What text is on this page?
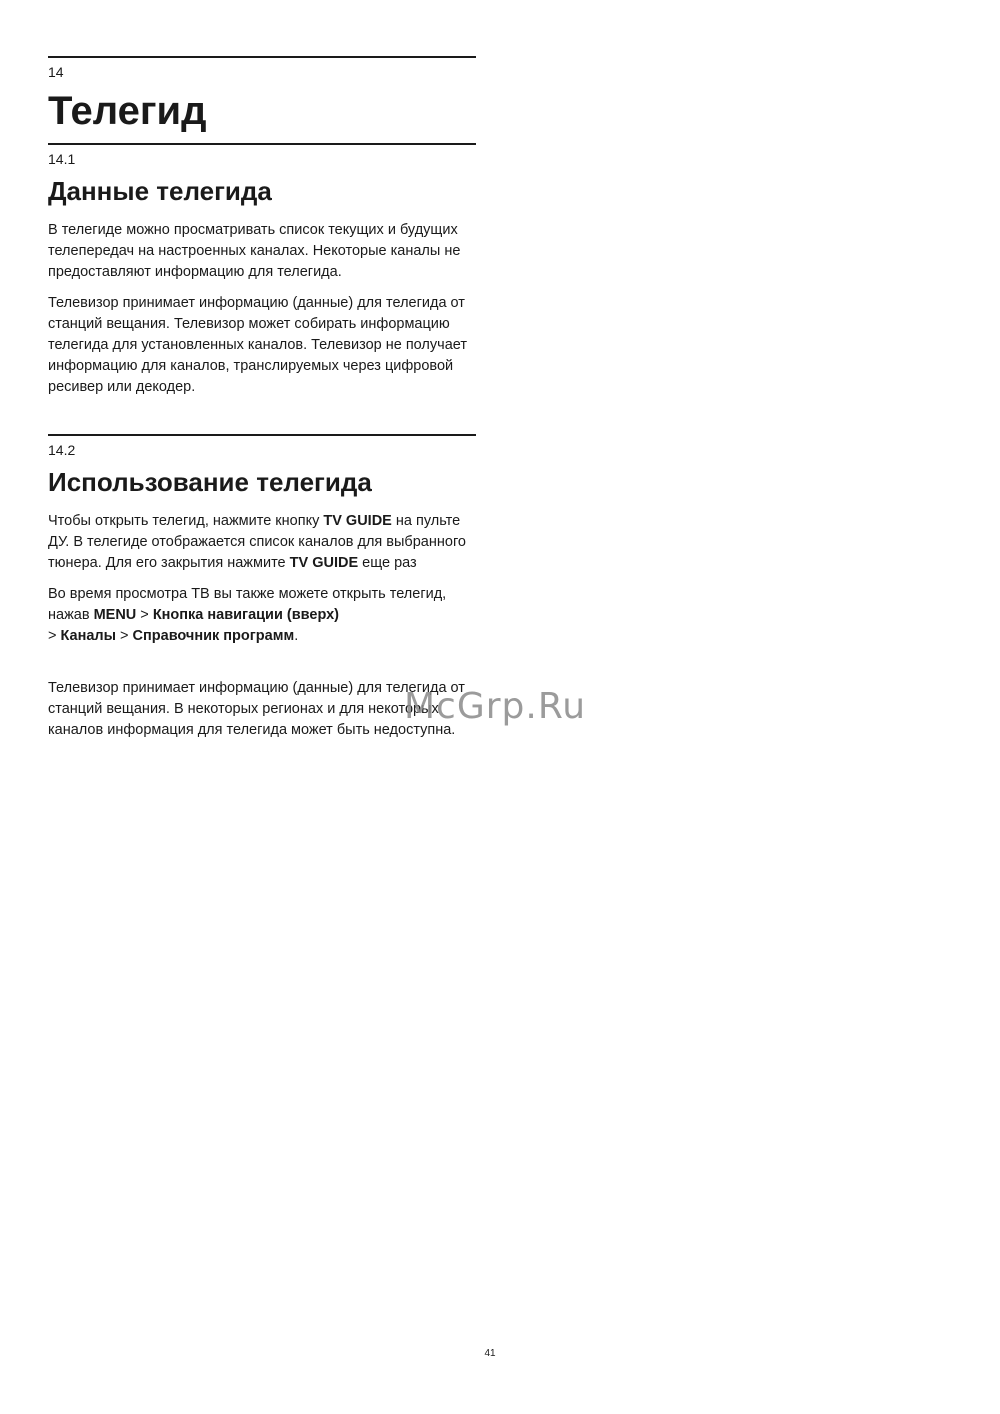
14
Телегид
14.1
Данные телегида

В телегиде можно просматривать список текущих и будущих телепередач на настроенных каналах. Некоторые каналы не предоставляют информацию для телегида.

Телевизор принимает информацию (данные) для телегида от станций вещания. Телевизор может собирать информацию телегида для установленных каналов. Телевизор не получает информацию для каналов, транслируемых через цифровой ресивер или декодер.

14.2
Использование телегида

Чтобы открыть телегид, нажмите кнопку TV GUIDE на пульте ДУ. В телегиде отображается список каналов для выбранного тюнера. Для его закрытия нажмите TV GUIDE еще раз

Во время просмотра ТВ вы также можете открыть телегид, нажав MENU > Кнопка навигации (вверх)
> Каналы > Справочник программ.

Телевизор принимает информацию (данные) для телегида от станций вещания. В некоторых регионах и для некоторых каналов информация для телегида может быть недоступна.

McGrp.Ru
41
